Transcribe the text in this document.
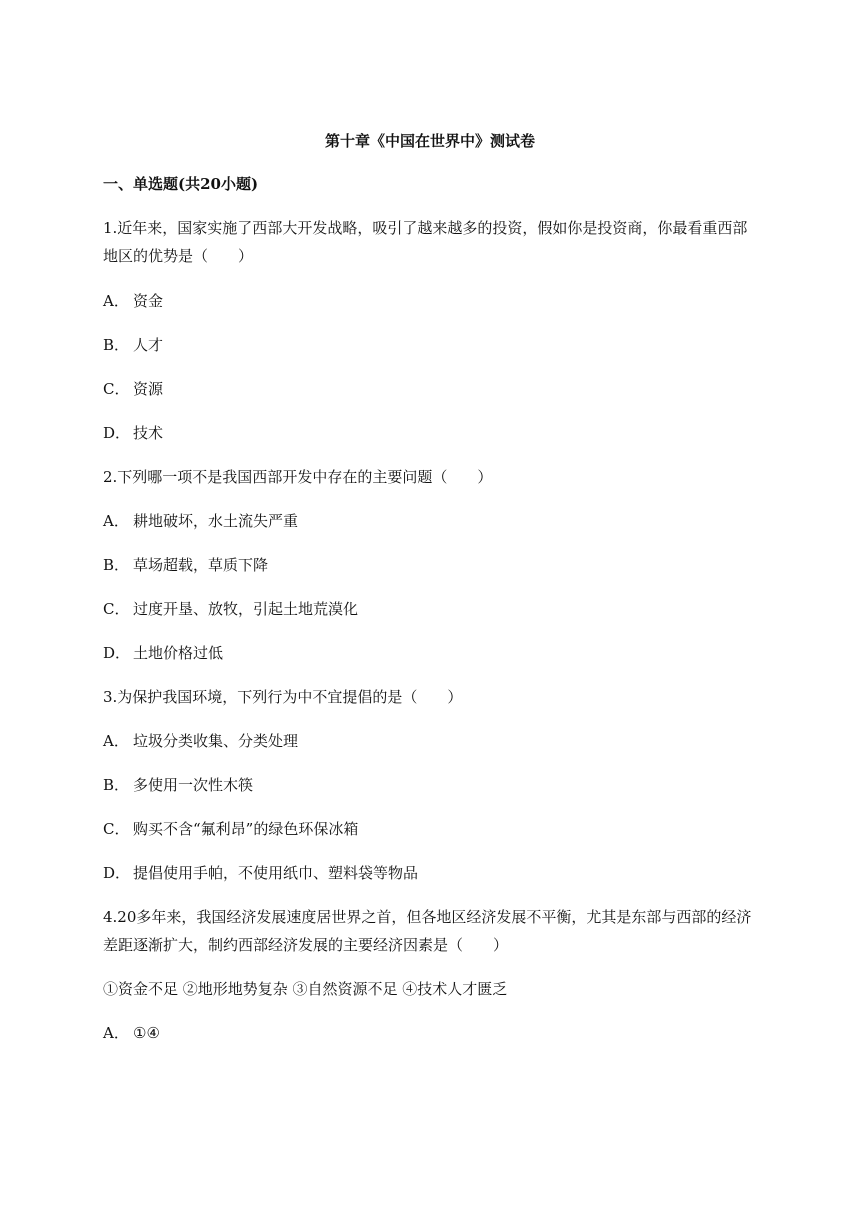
第十章《中国在世界中》测试卷
一、单选题(共20小题)
1.近年来，国家实施了西部大开发战略，吸引了越来越多的投资，假如你是投资商，你最看重西部
地区的优势是（　　）
A． 资金
B． 人才
C． 资源
D． 技术
2.下列哪一项不是我国西部开发中存在的主要问题（　　）
A． 耕地破坏，水土流失严重
B． 草场超载，草质下降
C． 过度开垦、放牧，引起土地荒漠化
D． 土地价格过低
3.为保护我国环境，下列行为中不宜提倡的是（　　）
A． 垃圾分类收集、分类处理
B． 多使用一次性木筷
C． 购买不含“氟利昂”的绿色环保冰箱
D． 提倡使用手帕，不使用纸巾、塑料袋等物品
4.20多年来，我国经济发展速度居世界之首，但各地区经济发展不平衡，尤其是东部与西部的经济
差距逐渐扩大，制约西部经济发展的主要经济因素是（　　）
①资金不足 ②地形地势复杂 ③自然资源不足 ④技术人才匮乏
A． ①④
